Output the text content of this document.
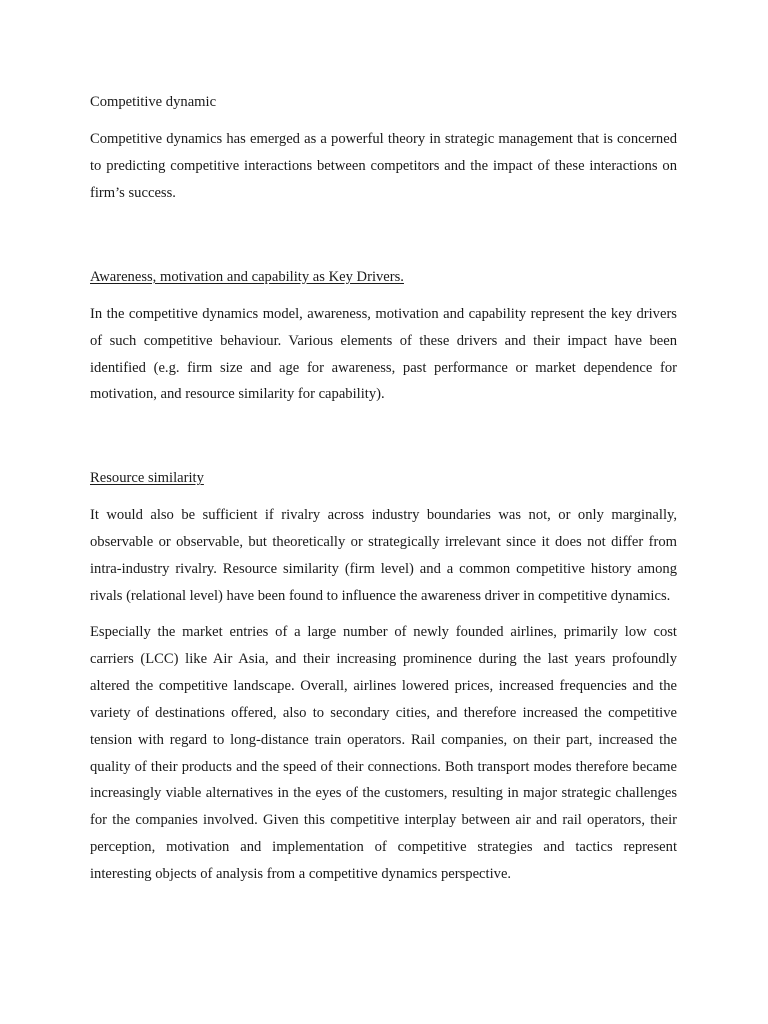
Competitive dynamic

Competitive dynamics has emerged as a powerful theory in strategic management that is concerned to predicting competitive interactions between competitors and the impact of these interactions on firm’s success.

Awareness, motivation and capability as Key Drivers.

In the competitive dynamics model, awareness, motivation and capability represent the key drivers of such competitive behaviour. Various elements of these drivers and their impact have been identified (e.g. firm size and age for awareness, past performance or market dependence for motivation, and resource similarity for capability).

Resource similarity

It would also be sufficient if rivalry across industry boundaries was not, or only marginally, observable or observable, but theoretically or strategically irrelevant since it does not differ from intra-industry rivalry. Resource similarity (firm level) and a common competitive history among rivals (relational level) have been found to influence the awareness driver in competitive dynamics.

Especially the market entries of a large number of newly founded airlines, primarily low cost carriers (LCC) like Air Asia, and their increasing prominence during the last years profoundly altered the competitive landscape. Overall, airlines lowered prices, increased frequencies and the variety of destinations offered, also to secondary cities, and therefore increased the competitive tension with regard to long-distance train operators. Rail companies, on their part, increased the quality of their products and the speed of their connections. Both transport modes therefore became increasingly viable alternatives in the eyes of the customers, resulting in major strategic challenges for the companies involved. Given this competitive interplay between air and rail operators, their perception, motivation and implementation of competitive strategies and tactics represent interesting objects of analysis from a competitive dynamics perspective.
